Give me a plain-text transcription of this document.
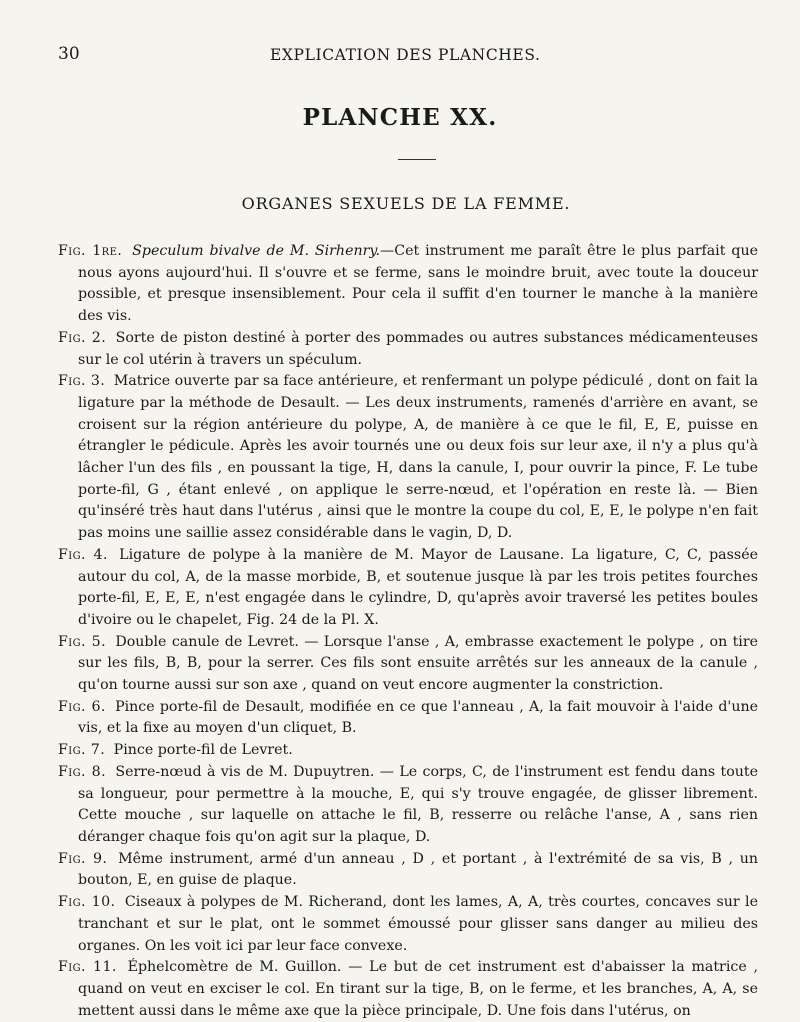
30	EXPLICATION DES PLANCHES.
PLANCHE XX.
ORGANES SEXUELS DE LA FEMME.

Fig. 1re. Speculum bivalve de M. Sirhenry.—Cet instrument me paraît être le plus parfait que nous ayons aujourd'hui. Il s'ouvre et se ferme, sans le moindre bruit, avec toute la douceur possible, et presque insensiblement. Pour cela il suffit d'en tourner le manche à la manière des vis.

Fig. 2. Sorte de piston destiné à porter des pommades ou autres substances médicamenteuses sur le col utérin à travers un spéculum.

Fig. 3. Matrice ouverte par sa face antérieure, et renfermant un polype pédiculé , dont on fait la ligature par la méthode de Desault. — Les deux instruments, ramenés d'arrière en avant, se croisent sur la région antérieure du polype, A, de manière à ce que le fil, E, E, puisse en étrangler le pédicule. Après les avoir tournés une ou deux fois sur leur axe, il n'y a plus qu'à lâcher l'un des fils , en poussant la tige, H, dans la canule, I, pour ouvrir la pince, F. Le tube porte-fil, G , étant enlevé , on applique le serre-nœud, et l'opération en reste là. — Bien qu'inséré très haut dans l'utérus , ainsi que le montre la coupe du col, E, E, le polype n'en fait pas moins une saillie assez considérable dans le vagin, D, D.

Fig. 4. Ligature de polype à la manière de M. Mayor de Lausane. La ligature, C, C, passée autour du col, A, de la masse morbide, B, et soutenue jusque là par les trois petites fourches porte-fil, E, E, E, n'est engagée dans le cylindre, D, qu'après avoir traversé les petites boules d'ivoire ou le chapelet, Fig. 24 de la Pl. X.

Fig. 5. Double canule de Levret. — Lorsque l'anse , A, embrasse exactement le polype , on tire sur les fils, B, B, pour la serrer. Ces fils sont ensuite arrêtés sur les anneaux de la canule , qu'on tourne aussi sur son axe , quand on veut encore augmenter la constriction.

Fig. 6. Pince porte-fil de Desault, modifiée en ce que l'anneau , A, la fait mouvoir à l'aide d'une vis, et la fixe au moyen d'un cliquet, B.

Fig. 7. Pince porte-fil de Levret.

Fig. 8. Serre-nœud à vis de M. Dupuytren. — Le corps, C, de l'instrument est fendu dans toute sa longueur, pour permettre à la mouche, E, qui s'y trouve engagée, de glisser librement. Cette mouche , sur laquelle on attache le fil, B, resserre ou relâche l'anse, A , sans rien déranger chaque fois qu'on agit sur la plaque, D.

Fig. 9. Même instrument, armé d'un anneau , D , et portant , à l'extrémité de sa vis, B , un bouton, E, en guise de plaque.

Fig. 10. Ciseaux à polypes de M. Richerand, dont les lames, A, A, très courtes, concaves sur le tranchant et sur le plat, ont le sommet émoussé pour glisser sans danger au milieu des organes. On les voit ici par leur face convexe.

Fig. 11. Éphelcomètre de M. Guillon. — Le but de cet instrument est d'abaisser la matrice , quand on veut en exciser le col. En tirant sur la tige, B, on le ferme, et les branches, A, A, se mettent aussi dans le même axe que la pièce principale, D. Une fois dans l'utérus, on
